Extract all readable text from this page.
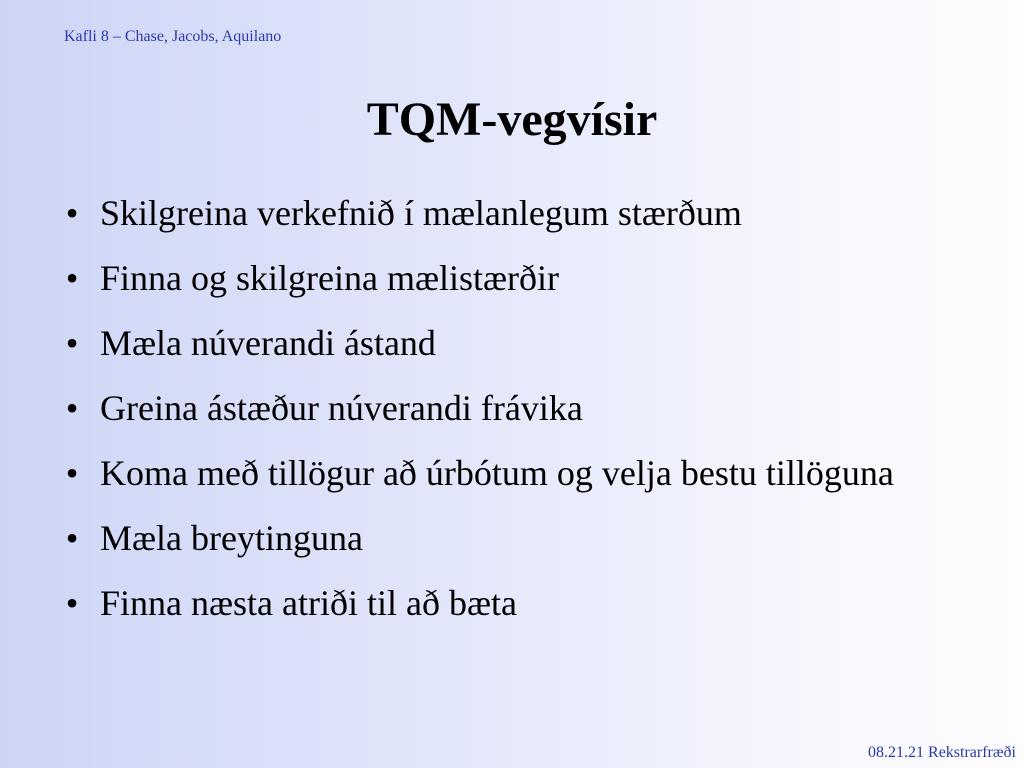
Kafli 8 – Chase, Jacobs, Aquilano
TQM-vegvísir
• Skilgreina verkefnið í mælanlegum stærðum
• Finna og skilgreina mælistærðir
• Mæla núverandi ástand
• Greina ástæður núverandi frávika
• Koma með tillögur að úrbótum og velja bestu tillöguna
• Mæla breytinguna
• Finna næsta atriði til að bæta
08.21.21 Rekstrarfræði
